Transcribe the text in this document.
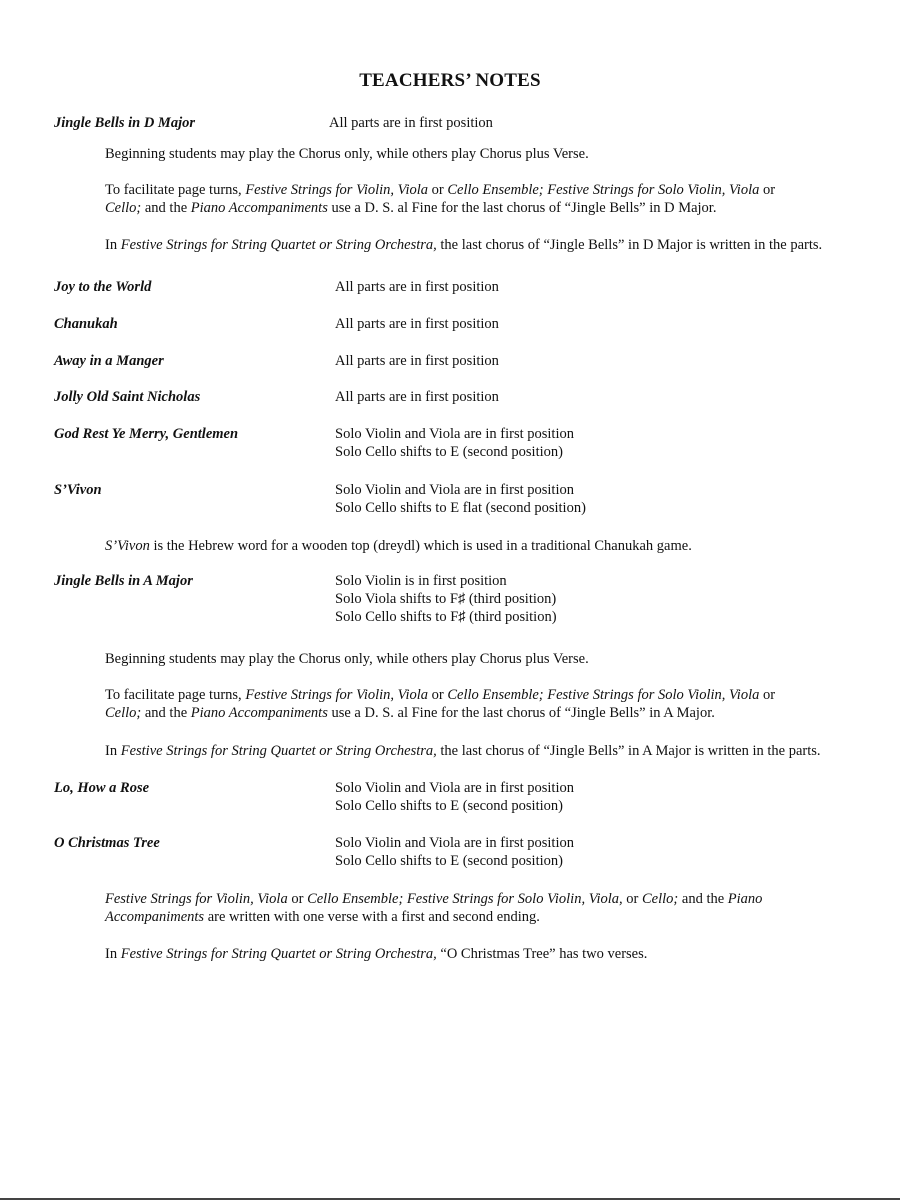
TEACHERS’ NOTES
Jingle Bells in D Major	All parts are in first position
Beginning students may play the Chorus only, while others play Chorus plus Verse.
To facilitate page turns, Festive Strings for Violin, Viola or Cello Ensemble; Festive Strings for Solo Violin, Viola or
Cello; and the Piano Accompaniments use a D. S. al Fine for the last chorus of “Jingle Bells” in D Major.
In Festive Strings for String Quartet or String Orchestra, the last chorus of “Jingle Bells” in D Major is written in the parts.
Joy to the World	All parts are in first position
Chanukah	All parts are in first position
Away in a Manger	All parts are in first position
Jolly Old Saint Nicholas	All parts are in first position
God Rest Ye Merry, Gentlemen	Solo Violin and Viola are in first position
Solo Cello shifts to E (second position)
S’Vivon	Solo Violin and Viola are in first position
Solo Cello shifts to E flat (second position)
S’Vivon is the Hebrew word for a wooden top (dreydl) which is used in a traditional Chanukah game.
Jingle Bells in A Major	Solo Violin is in first position
Solo Viola shifts to F♯ (third position)
Solo Cello shifts to F♯ (third position)
Beginning students may play the Chorus only, while others play Chorus plus Verse.
To facilitate page turns, Festive Strings for Violin, Viola or Cello Ensemble; Festive Strings for Solo Violin, Viola or
Cello; and the Piano Accompaniments use a D. S. al Fine for the last chorus of “Jingle Bells” in A Major.
In Festive Strings for String Quartet or String Orchestra, the last chorus of “Jingle Bells” in A Major is written in the parts.
Lo, How a Rose	Solo Violin and Viola are in first position
Solo Cello shifts to E (second position)
O Christmas Tree	Solo Violin and Viola are in first position
Solo Cello shifts to E (second position)
Festive Strings for Violin, Viola or Cello Ensemble; Festive Strings for Solo Violin, Viola, or Cello; and the Piano
Accompaniments are written with one verse with a first and second ending.
In Festive Strings for String Quartet or String Orchestra, “O Christmas Tree” has two verses.
